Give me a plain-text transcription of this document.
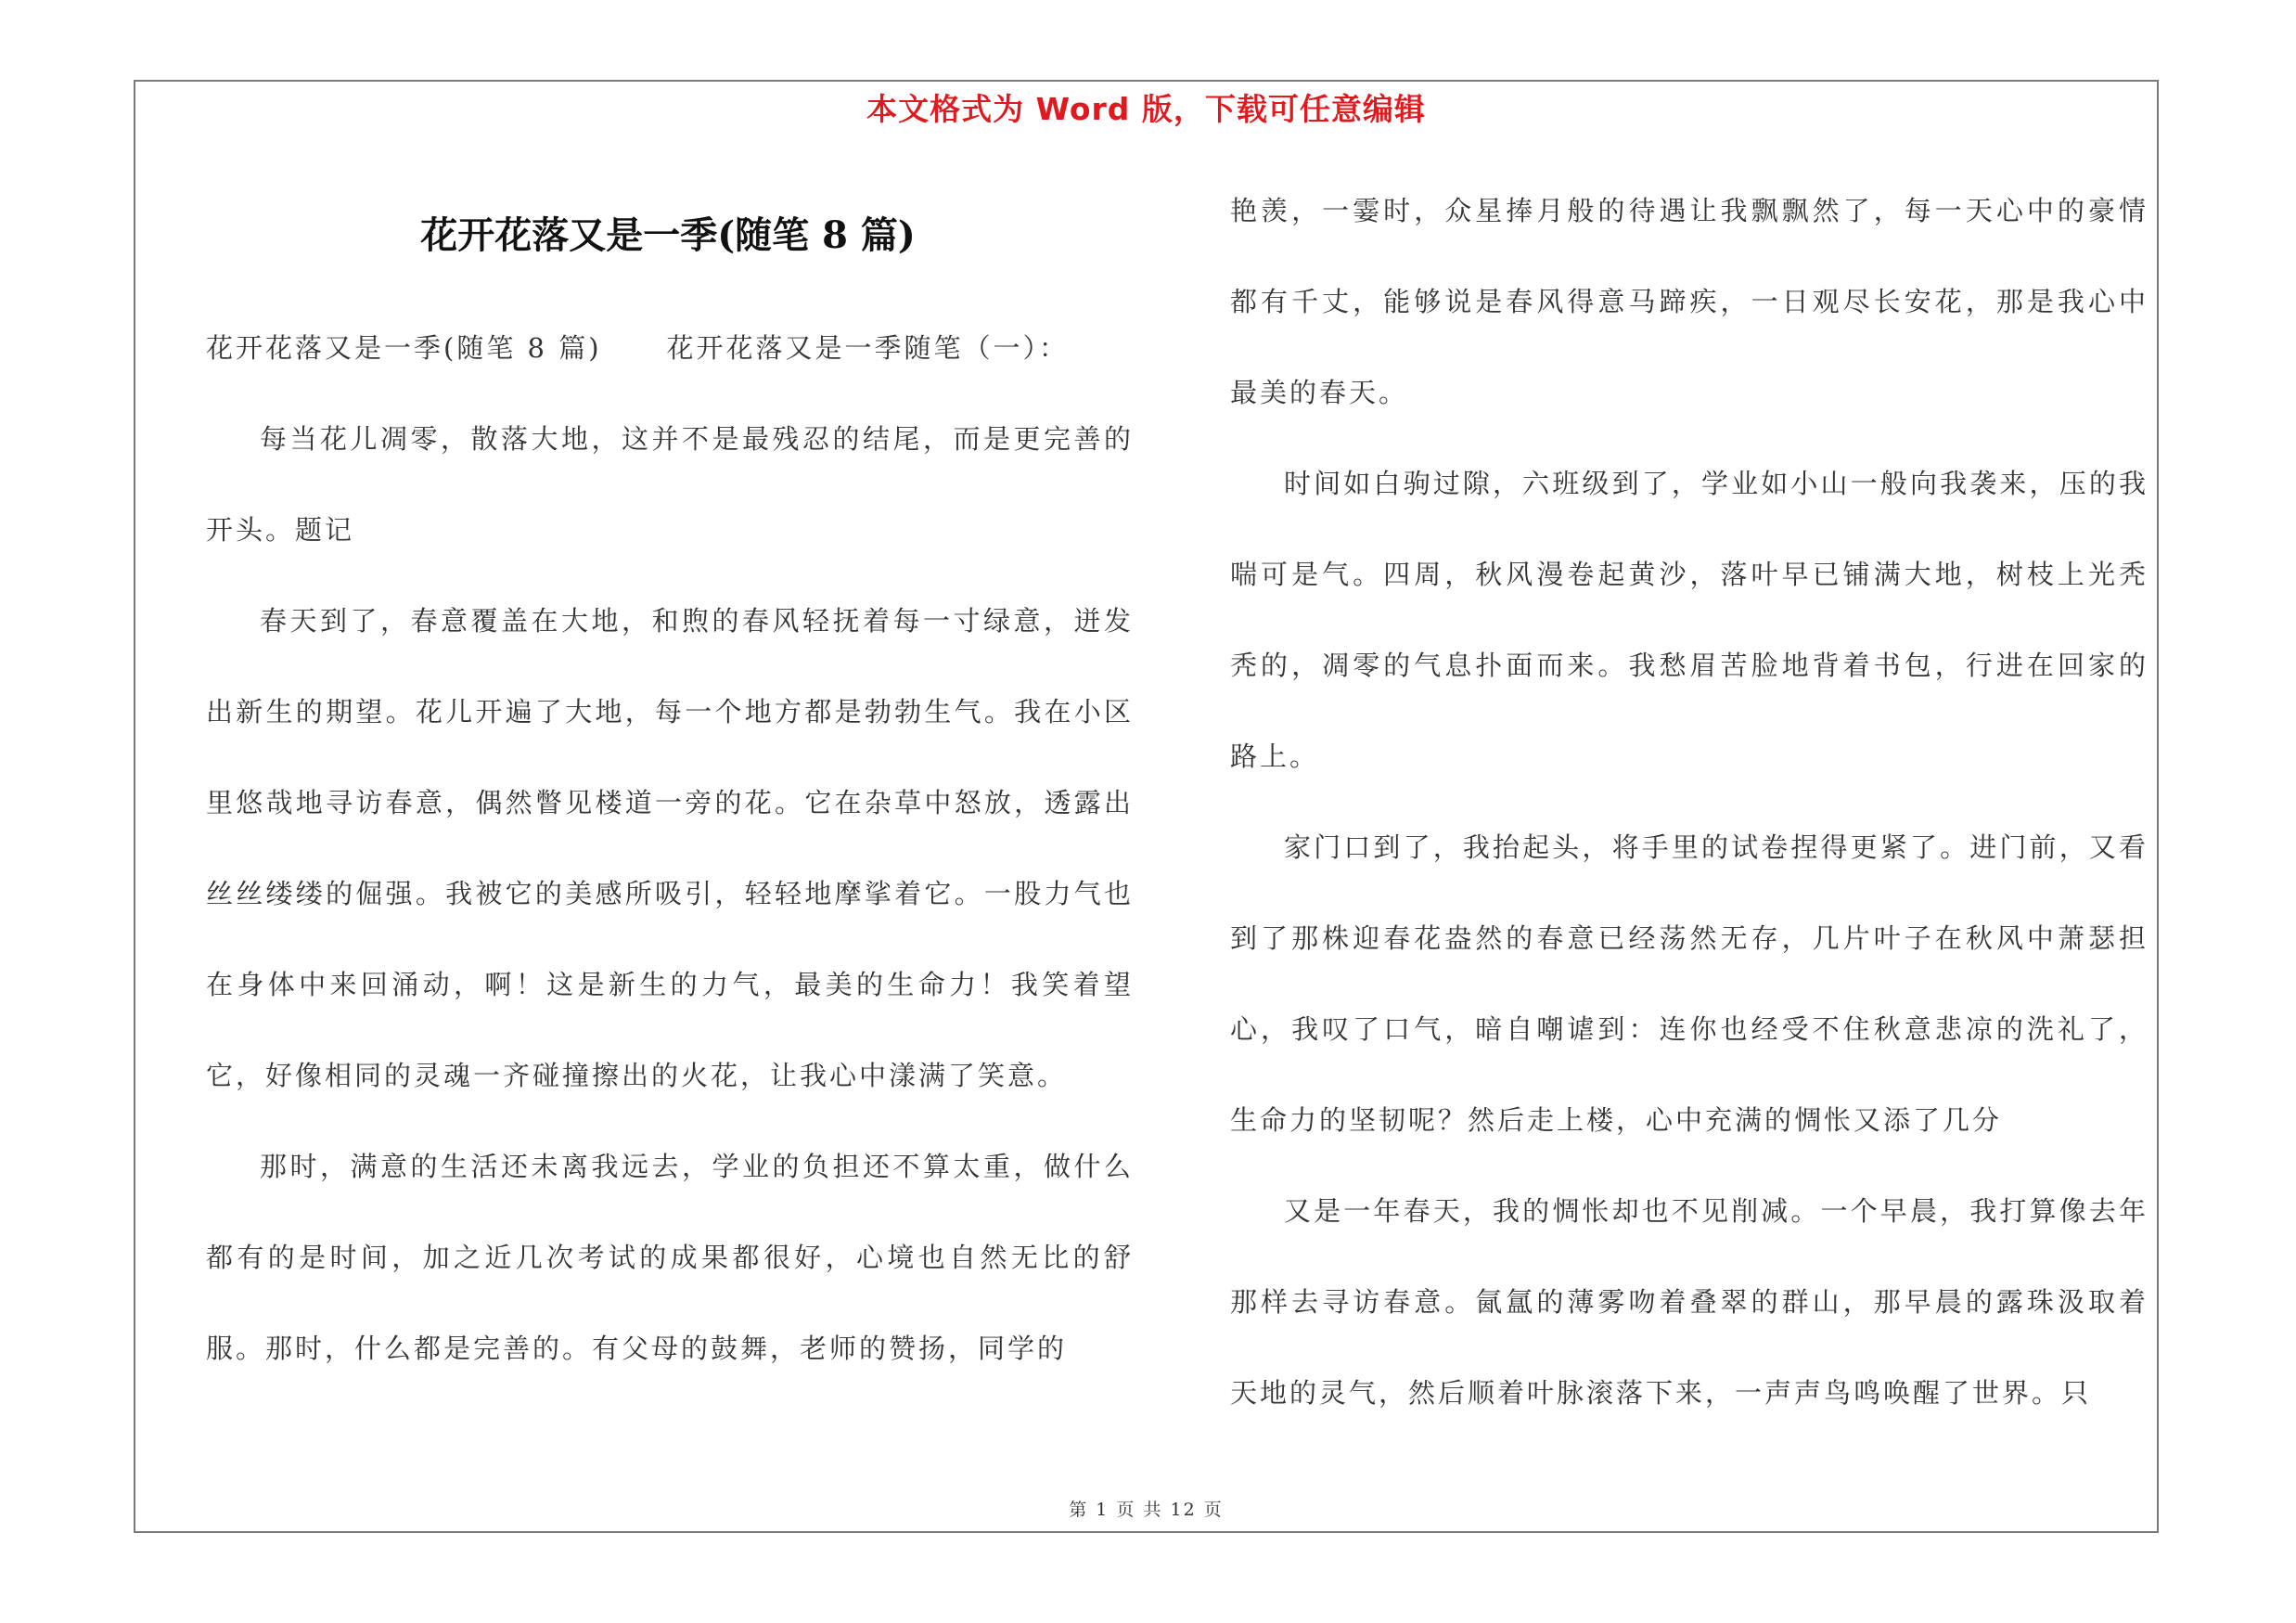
本文格式为 Word 版，下载可任意编辑
花开花落又是一季(随笔 8 篇)

花开花落又是一季(随笔 8 篇) 花开花落又是一季随笔（一）：

每当花儿凋零，散落大地，这并不是最残忍的结尾，而是更完善的开头。题记

春天到了，春意覆盖在大地，和煦的春风轻抚着每一寸绿意，迸发出新生的期望。花儿开遍了大地，每一个地方都是勃勃生气。我在小区里悠哉地寻访春意，偶然瞥见楼道一旁的花。它在杂草中怒放，透露出丝丝缕缕的倔强。我被它的美感所吸引，轻轻地摩挲着它。一股力气也在身体中来回涌动，啊！这是新生的力气，最美的生命力！我笑着望它，好像相同的灵魂一齐碰撞擦出的火花，让我心中漾满了笑意。

那时，满意的生活还未离我远去，学业的负担还不算太重，做什么都有的是时间，加之近几次考试的成果都很好，心境也自然无比的舒服。那时，什么都是完善的。有父母的鼓舞，老师的赞扬，同学的

艳羡，一霎时，众星捧月般的待遇让我飘飘然了，每一天心中的豪情都有千丈，能够说是春风得意马蹄疾，一日观尽长安花，那是我心中最美的春天。

时间如白驹过隙，六班级到了，学业如小山一般向我袭来，压的我喘可是气。四周，秋风漫卷起黄沙，落叶早已铺满大地，树枝上光秃秃的，凋零的气息扑面而来。我愁眉苦脸地背着书包，行进在回家的路上。

家门口到了，我抬起头，将手里的试卷捏得更紧了。进门前，又看到了那株迎春花盎然的春意已经荡然无存，几片叶子在秋风中萧瑟担心，我叹了口气，暗自嘲谑到：连你也经受不住秋意悲凉的洗礼了，生命力的坚韧呢？然后走上楼，心中充满的惆怅又添了几分

又是一年春天，我的惆怅却也不见削减。一个早晨，我打算像去年那样去寻访春意。氤氲的薄雾吻着叠翠的群山，那早晨的露珠汲取着天地的灵气，然后顺着叶脉滚落下来，一声声鸟鸣唤醒了世界。只

第 1 页 共 12 页
